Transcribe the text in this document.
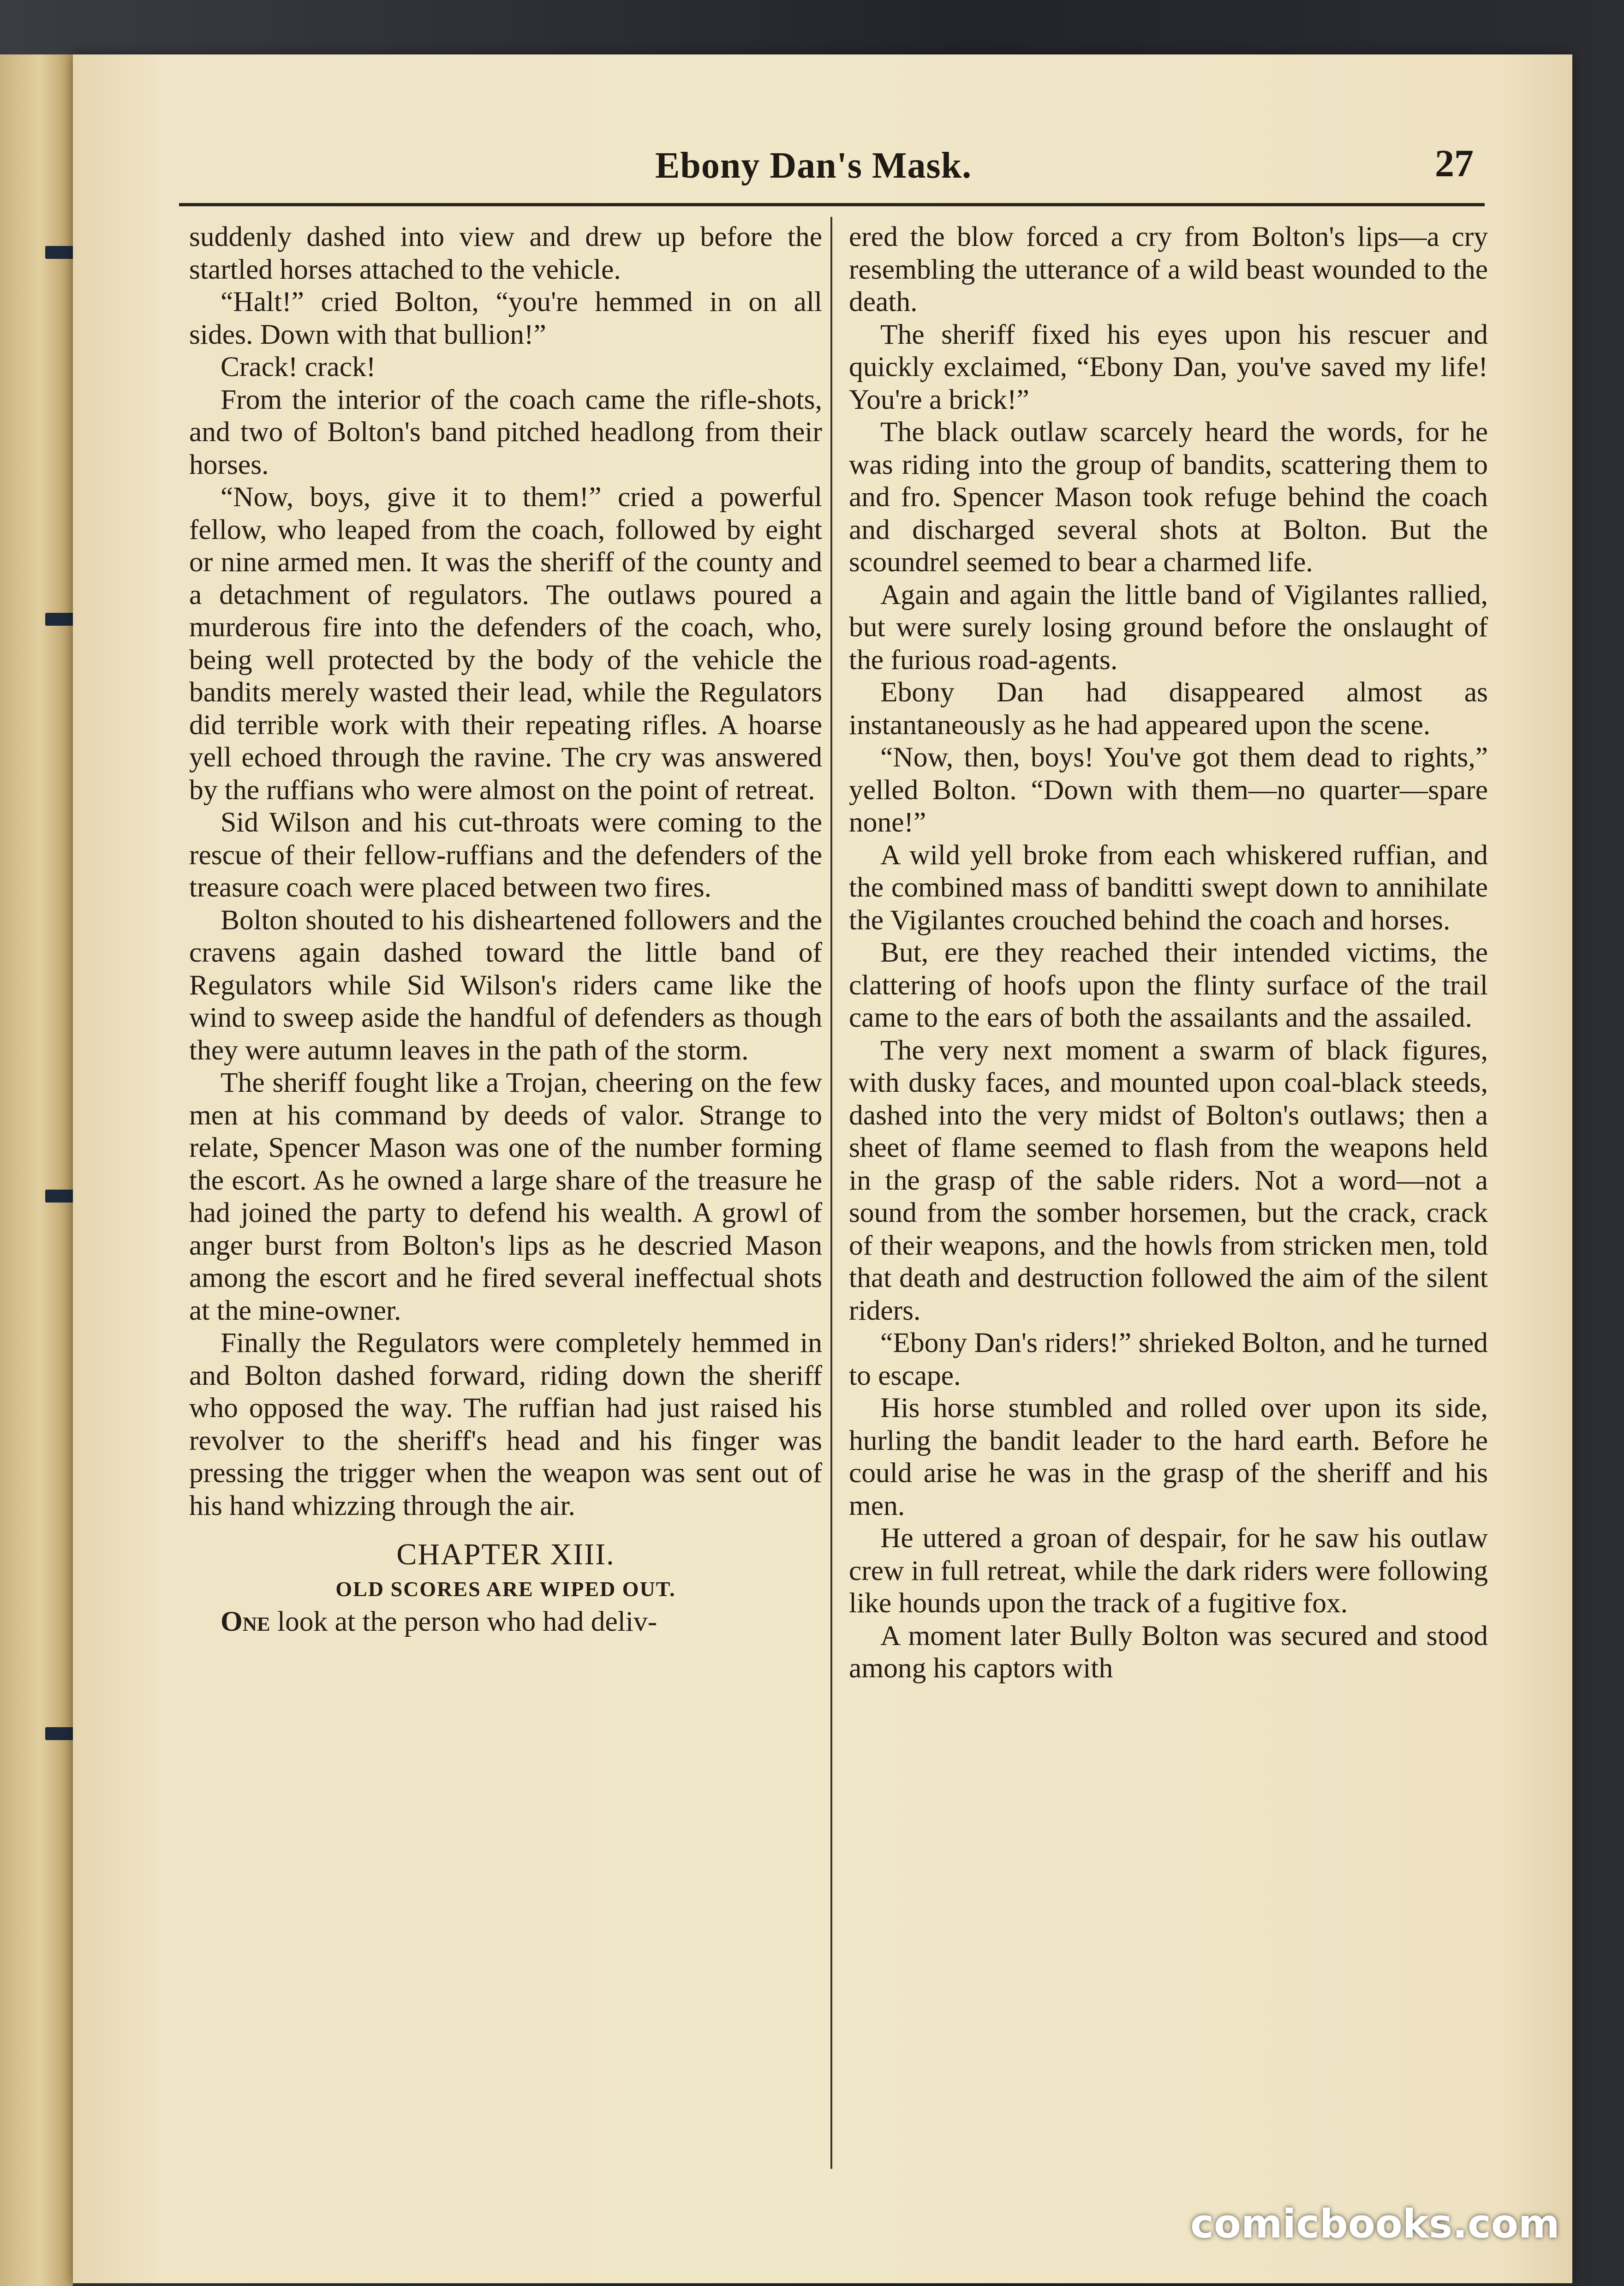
Ebony Dan's Mask.	27

suddenly dashed into view and drew up before the startled horses attached to the vehicle.

“Halt!” cried Bolton, “you're hemmed in on all sides. Down with that bullion!”

Crack! crack!

From the interior of the coach came the rifle-shots, and two of Bolton's band pitched headlong from their horses.

“Now, boys, give it to them!” cried a powerful fellow, who leaped from the coach, followed by eight or nine armed men. It was the sheriff of the county and a detachment of regulators. The outlaws poured a murderous fire into the defenders of the coach, who, being well protected by the body of the vehicle the bandits merely wasted their lead, while the Regulators did terrible work with their repeating rifles. A hoarse yell echoed through the ravine. The cry was answered by the ruffians who were almost on the point of retreat.

Sid Wilson and his cut-throats were coming to the rescue of their fellow-ruffians and the defenders of the treasure coach were placed between two fires.

Bolton shouted to his disheartened followers and the cravens again dashed toward the little band of Regulators while Sid Wilson's riders came like the wind to sweep aside the handful of defenders as though they were autumn leaves in the path of the storm.

The sheriff fought like a Trojan, cheering on the few men at his command by deeds of valor. Strange to relate, Spencer Mason was one of the number forming the escort. As he owned a large share of the treasure he had joined the party to defend his wealth. A growl of anger burst from Bolton's lips as he descried Mason among the escort and he fired several ineffectual shots at the mine-owner.

Finally the Regulators were completely hemmed in and Bolton dashed forward, riding down the sheriff who opposed the way. The ruffian had just raised his revolver to the sheriff's head and his finger was pressing the trigger when the weapon was sent out of his hand whizzing through the air.

CHAPTER XIII.

OLD SCORES ARE WIPED OUT.

One look at the person who had deliv-

ered the blow forced a cry from Bolton's lips—a cry resembling the utterance of a wild beast wounded to the death.

The sheriff fixed his eyes upon his rescuer and quickly exclaimed, “Ebony Dan, you've saved my life! You're a brick!”

The black outlaw scarcely heard the words, for he was riding into the group of bandits, scattering them to and fro. Spencer Mason took refuge behind the coach and discharged several shots at Bolton. But the scoundrel seemed to bear a charmed life.

Again and again the little band of Vigilantes rallied, but were surely losing ground before the onslaught of the furious road-agents.

Ebony Dan had disappeared almost as instantaneously as he had appeared upon the scene.

“Now, then, boys! You've got them dead to rights,” yelled Bolton. “Down with them—no quarter—spare none!”

A wild yell broke from each whiskered ruffian, and the combined mass of banditti swept down to annihilate the Vigilantes crouched behind the coach and horses.

But, ere they reached their intended victims, the clattering of hoofs upon the flinty surface of the trail came to the ears of both the assailants and the assailed.

The very next moment a swarm of black figures, with dusky faces, and mounted upon coal-black steeds, dashed into the very midst of Bolton's outlaws; then a sheet of flame seemed to flash from the weapons held in the grasp of the sable riders. Not a word—not a sound from the somber horsemen, but the crack, crack of their weapons, and the howls from stricken men, told that death and destruction followed the aim of the silent riders.

“Ebony Dan's riders!” shrieked Bolton, and he turned to escape.

His horse stumbled and rolled over upon its side, hurling the bandit leader to the hard earth. Before he could arise he was in the grasp of the sheriff and his men.

He uttered a groan of despair, for he saw his outlaw crew in full retreat, while the dark riders were following like hounds upon the track of a fugitive fox.

A moment later Bully Bolton was secured and stood among his captors with

comicbooks.com
